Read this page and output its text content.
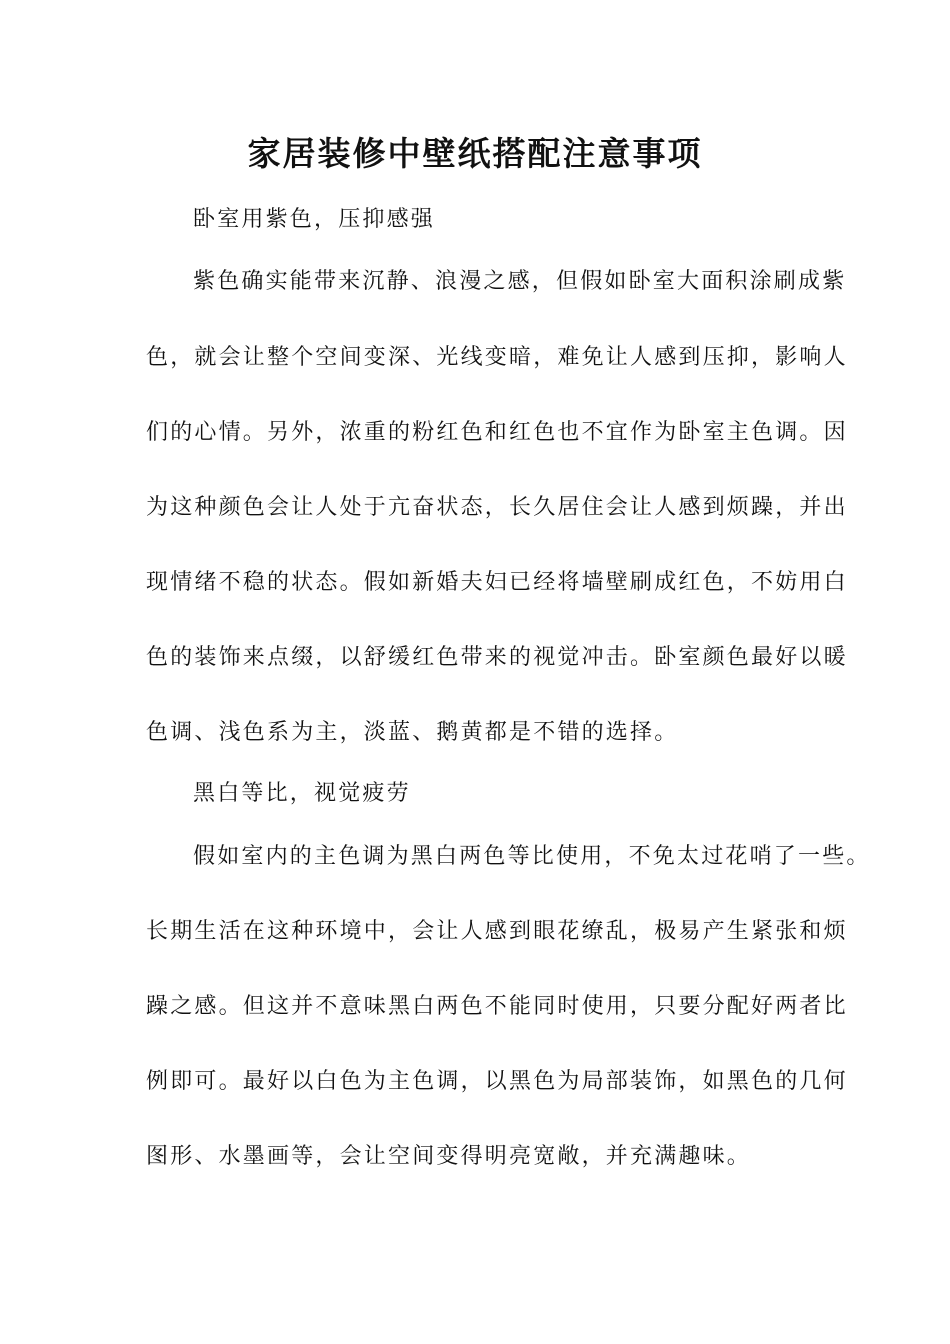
家居装修中壁纸搭配注意事项
卧室用紫色，压抑感强
紫色确实能带来沉静、浪漫之感，但假如卧室大面积涂刷成紫
色，就会让整个空间变深、光线变暗，难免让人感到压抑，影响人
们的心情。另外，浓重的粉红色和红色也不宜作为卧室主色调。因
为这种颜色会让人处于亢奋状态，长久居住会让人感到烦躁，并出
现情绪不稳的状态。假如新婚夫妇已经将墙壁刷成红色，不妨用白
色的装饰来点缀，以舒缓红色带来的视觉冲击。卧室颜色最好以暖
色调、浅色系为主，淡蓝、鹅黄都是不错的选择。
黑白等比，视觉疲劳
假如室内的主色调为黑白两色等比使用，不免太过花哨了一些。
长期生活在这种环境中，会让人感到眼花缭乱，极易产生紧张和烦
躁之感。但这并不意味黑白两色不能同时使用，只要分配好两者比
例即可。最好以白色为主色调，以黑色为局部装饰，如黑色的几何
图形、水墨画等，会让空间变得明亮宽敞，并充满趣味。
